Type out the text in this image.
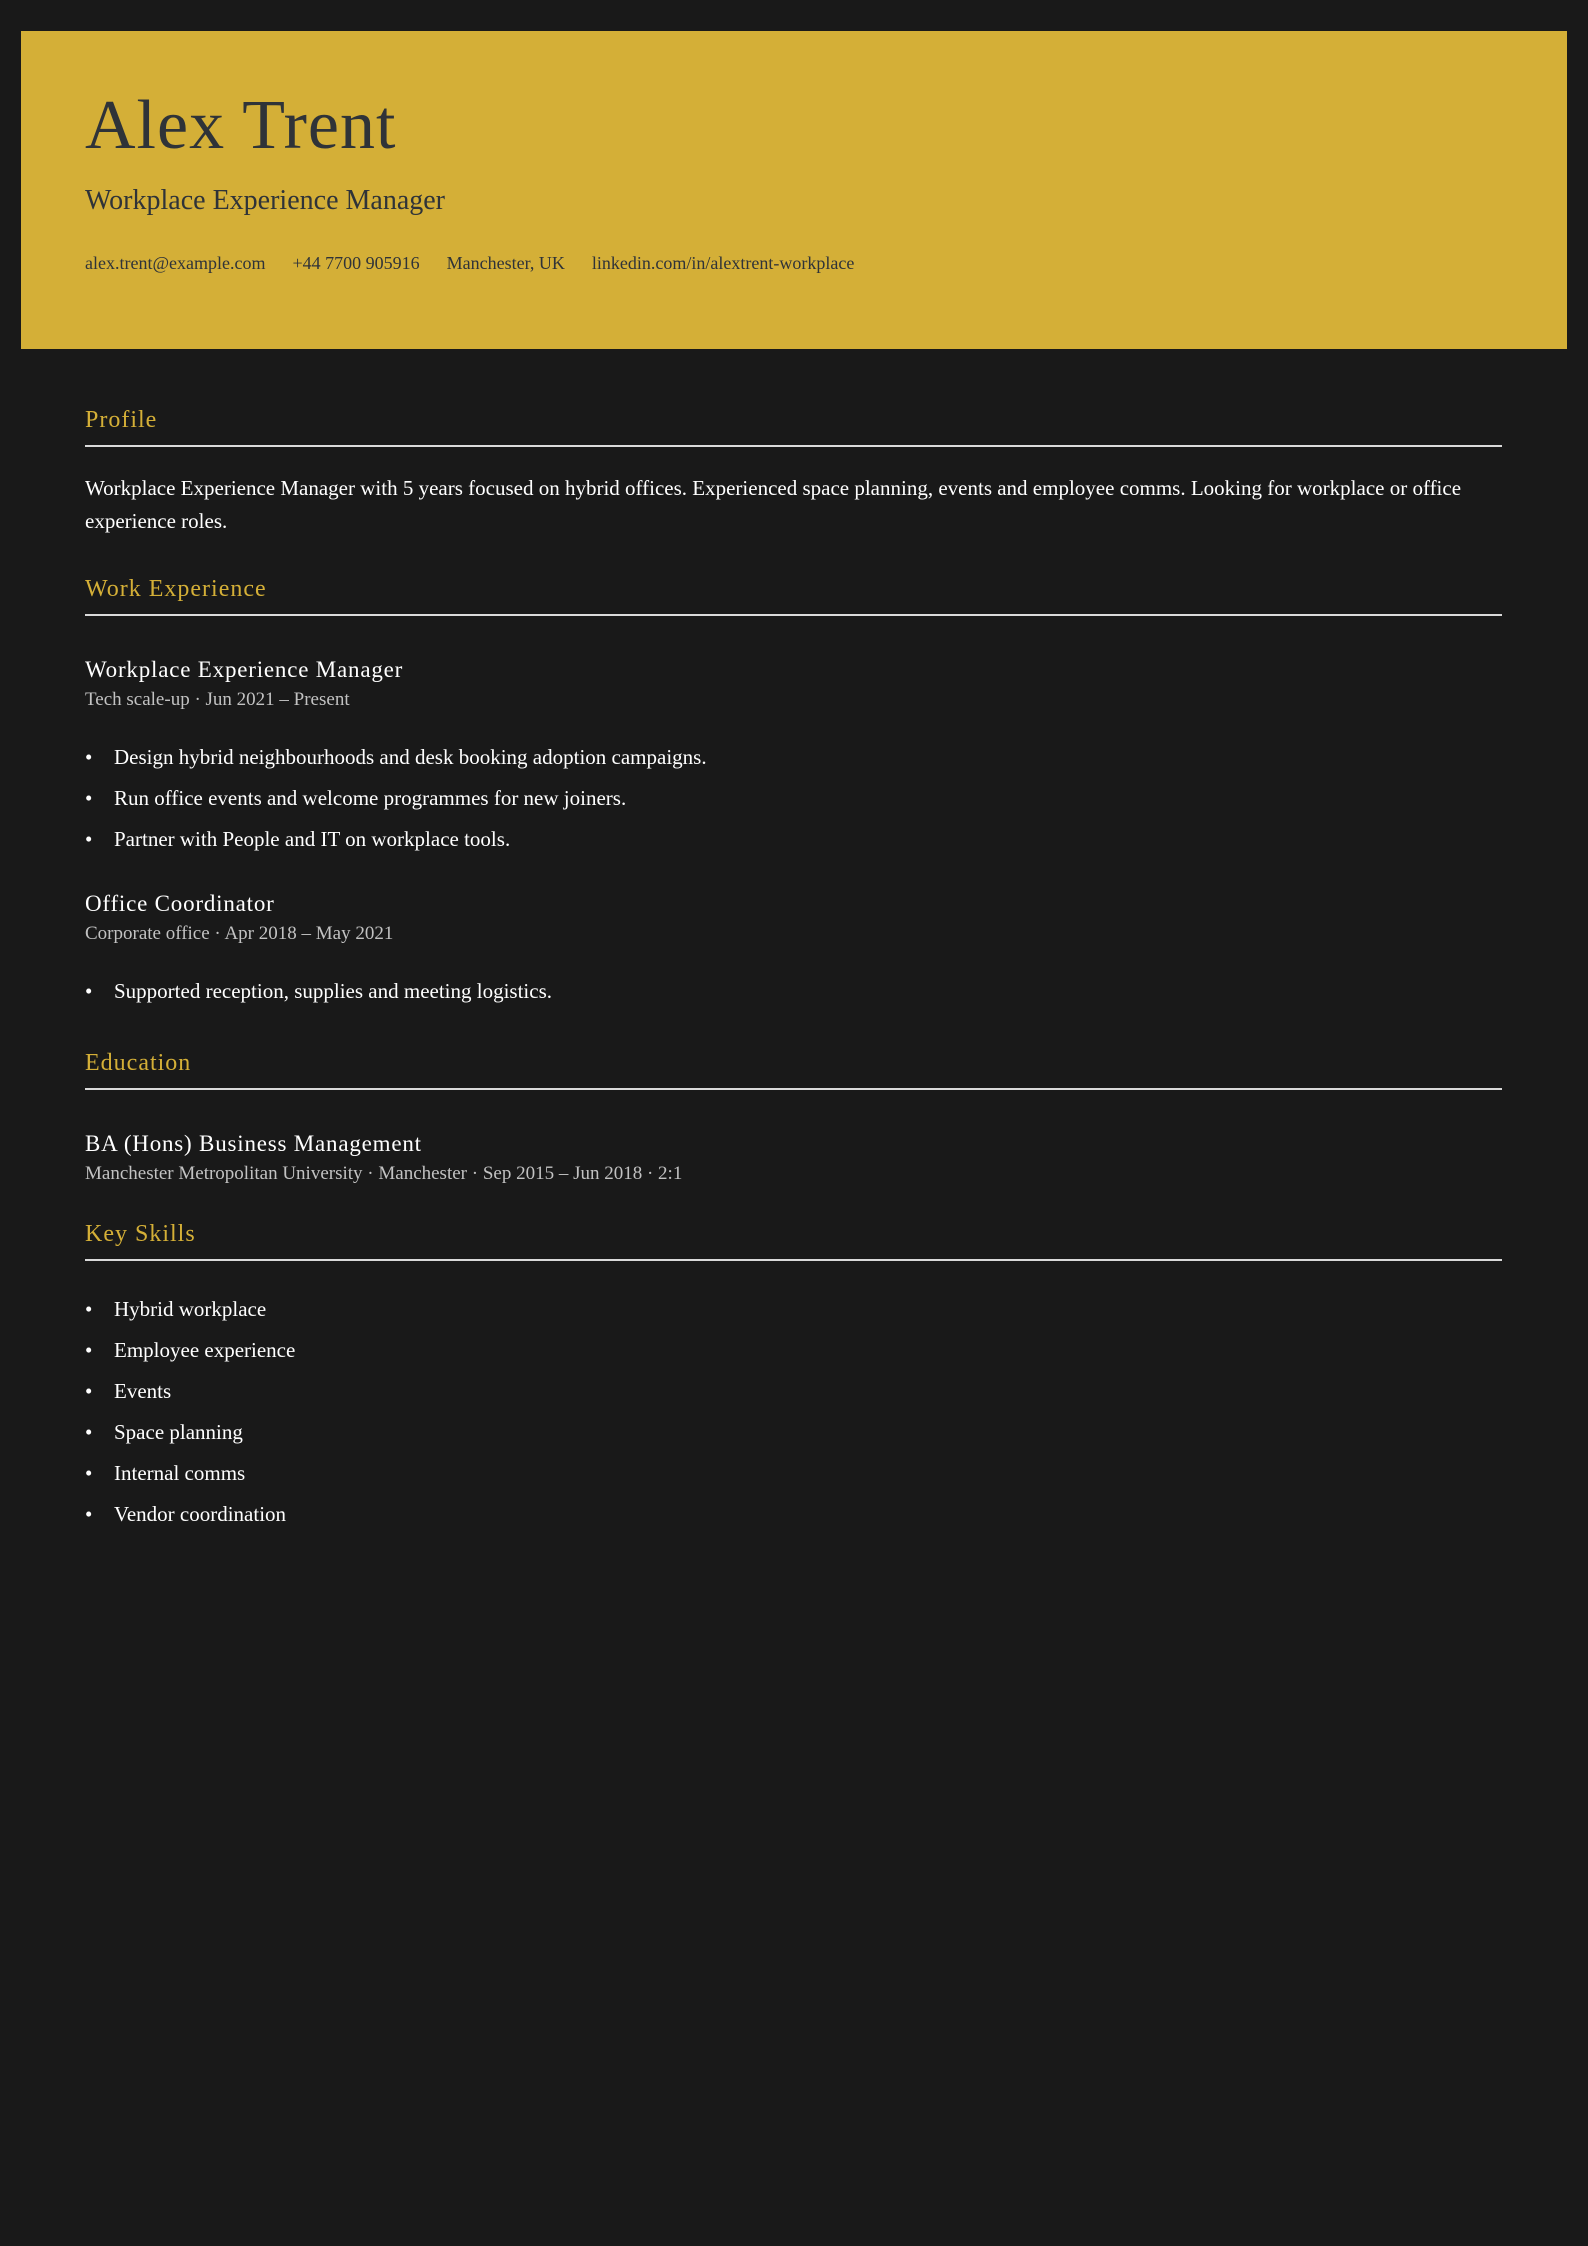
Alex Trent
Workplace Experience Manager
alex.trent@example.com +44 7700 905916 Manchester, UK linkedin.com/in/alextrent-workplace
Profile

Workplace Experience Manager with 5 years focused on hybrid offices. Experienced space planning, events and employee comms. Looking for workplace or office experience roles.

Work Experience
Workplace Experience Manager
Tech scale-up · Jun 2021 – Present
• Design hybrid neighbourhoods and desk booking adoption campaigns.
• Run office events and welcome programmes for new joiners.
• Partner with People and IT on workplace tools.
Office Coordinator
Corporate office · Apr 2018 – May 2021
• Supported reception, supplies and meeting logistics.
Education
BA (Hons) Business Management
Manchester Metropolitan University · Manchester · Sep 2015 – Jun 2018 · 2:1
Key Skills
• Hybrid workplace
• Employee experience
• Events
• Space planning
• Internal comms
• Vendor coordination
